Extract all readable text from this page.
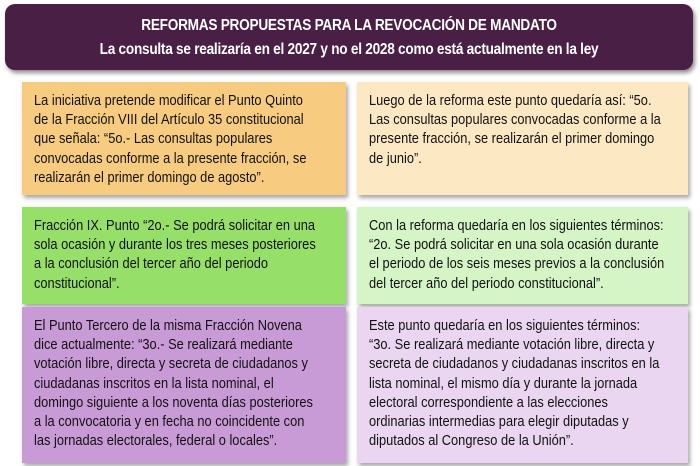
REFORMAS PROPUESTAS PARA LA REVOCACIÓN DE MANDATO
La consulta se realizaría en el 2027 y no el 2028 como está actualmente en la ley
La iniciativa pretende modificar el Punto Quinto
de la Fracción VIII del Artículo 35 constitucional
que señala: “5o.- Las consultas populares
convocadas conforme a la presente fracción, se
realizarán el primer domingo de agosto”.
Luego de la reforma este punto quedaría así: “5o.
Las consultas populares convocadas conforme a la
presente fracción, se realizarán el primer domingo
de junio”.
Fracción IX. Punto “2o.- Se podrá solicitar en una
sola ocasión y durante los tres meses posteriores
a la conclusión del tercer año del periodo
constitucional”.
Con la reforma quedaría en los siguientes términos:
“2o. Se podrá solicitar en una sola ocasión durante
el periodo de los seis meses previos a la conclusión
del tercer año del periodo constitucional”.
El Punto Tercero de la misma Fracción Novena
dice actualmente: “3o.- Se realizará mediante
votación libre, directa y secreta de ciudadanos y
ciudadanas inscritos en la lista nominal, el
domingo siguiente a los noventa días posteriores
a la convocatoria y en fecha no coincidente con
las jornadas electorales, federal o locales”.
Este punto quedaría en los siguientes términos:
“3o. Se realizará mediante votación libre, directa y
secreta de ciudadanos y ciudadanas inscritos en la
lista nominal, el mismo día y durante la jornada
electoral correspondiente a las elecciones
ordinarias intermedias para elegir diputadas y
diputados al Congreso de la Unión”.
